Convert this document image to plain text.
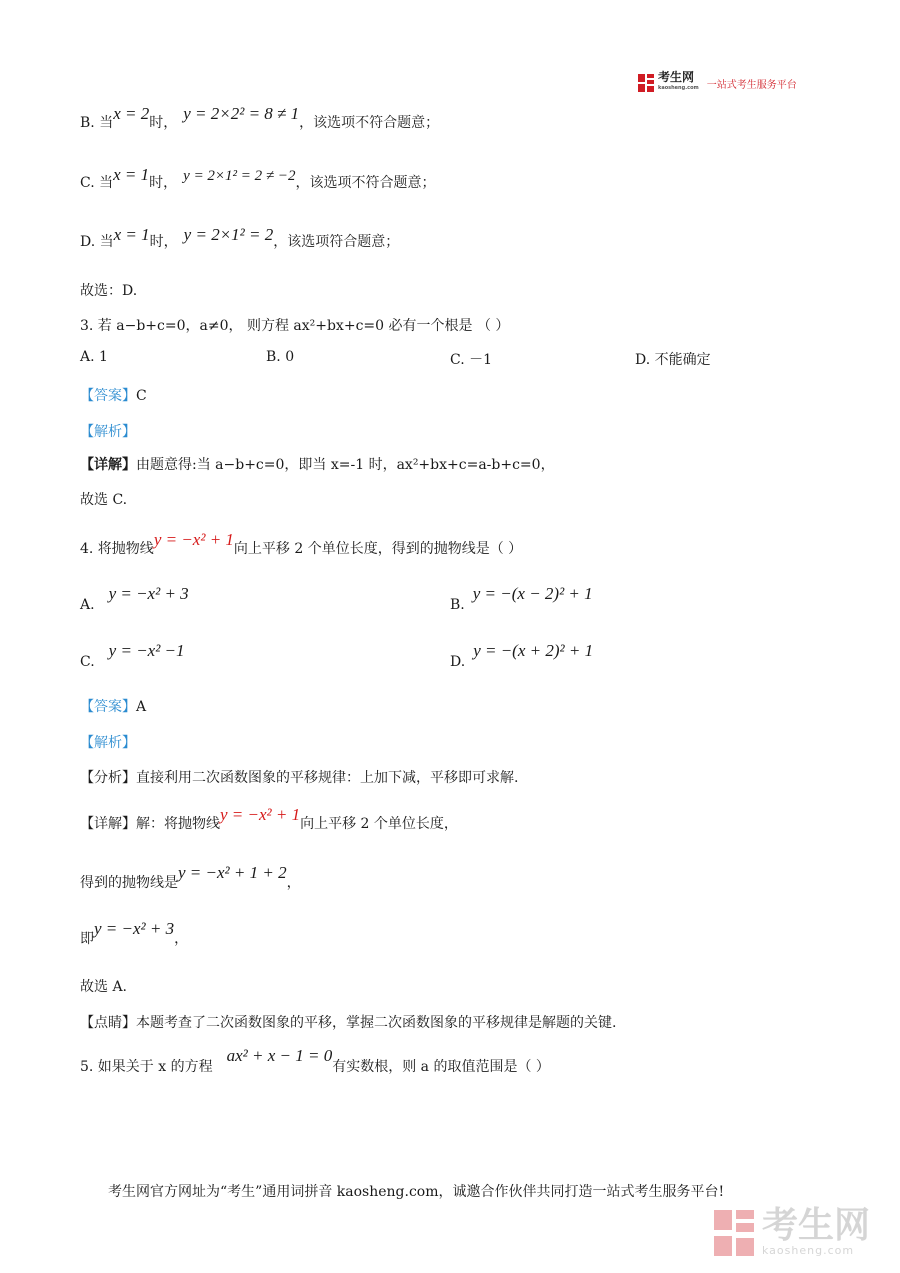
考生网
kaosheng.com 一站式考生服务平台
B. 当x = 2时， y = 2×2² = 8 ≠ 1，该选项不符合题意；
C. 当x = 1时， y = 2×1² = 2 ≠ −2，该选项不符合题意；
D. 当x = 1时， y = 2×1² = 2，该选项符合题意；
故选：D.
3. 若 a−b+c=0，a≠0， 则方程 ax²+bx+c=0 必有一个根是 （ ）
A. 1	B. 0	C. －1	D. 不能确定
【答案】C
【解析】
【详解】由题意得:当 a−b+c=0，即当 x=-1 时，ax²+bx+c=a-b+c=0，
故选 C.
4. 将抛物线y = −x² + 1向上平移 2 个单位长度，得到的抛物线是（ ）
A.y = −x² + 3
B.y = −(x − 2)² + 1
C.y = −x² −1
D.y = −(x + 2)² + 1
【答案】A
【解析】
【分析】直接利用二次函数图象的平移规律：上加下减，平移即可求解.
【详解】解：将抛物线y = −x² + 1向上平移 2 个单位长度，
得到的抛物线是y = −x² + 1 + 2，
即y = −x² + 3，
故选 A.
【点睛】本题考查了二次函数图象的平移，掌握二次函数图象的平移规律是解题的关键.
5. 如果关于 x 的方程ax² + x − 1 = 0有实数根，则 a 的取值范围是（ ）
考生网官方网址为“考生”通用词拼音 kaosheng.com，诚邀合作伙伴共同打造一站式考生服务平台!
考生网
kaosheng.com
